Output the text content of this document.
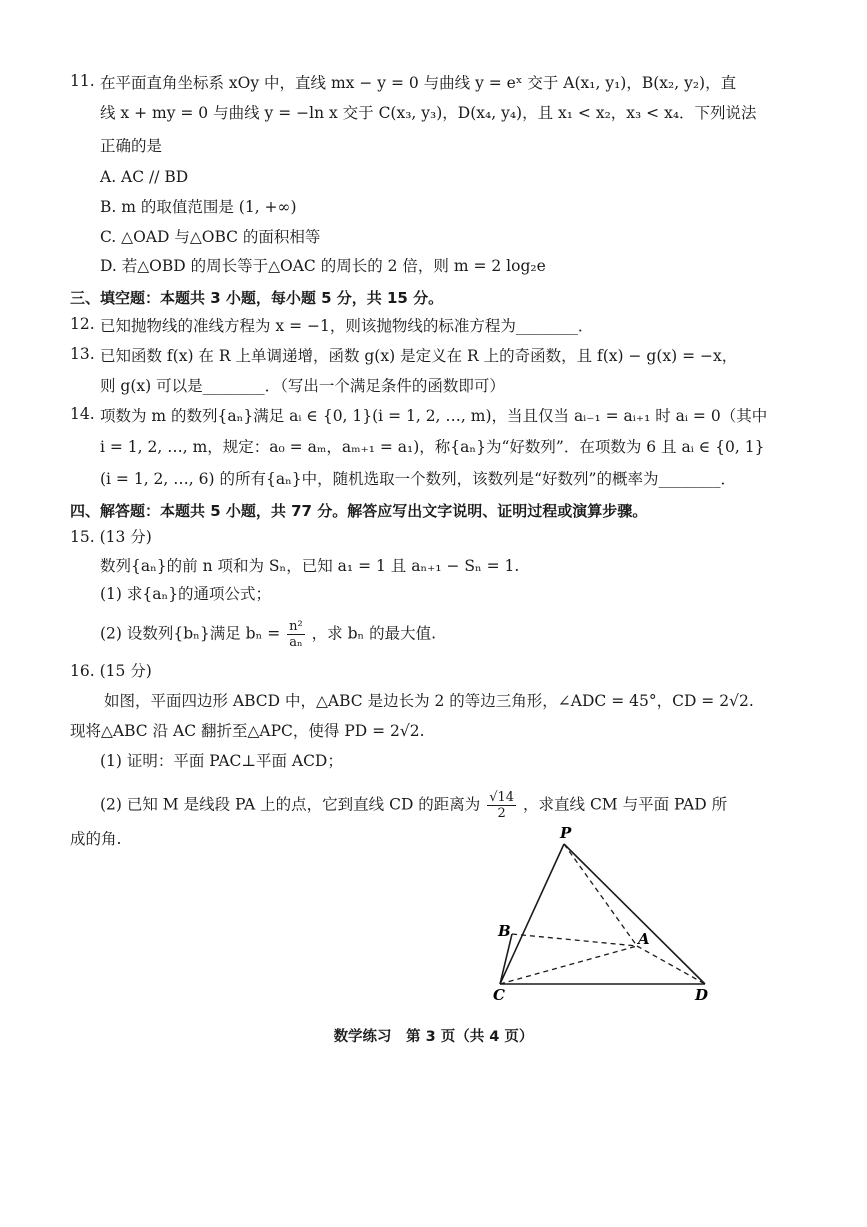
11. 在平面直角坐标系 xOy 中，直线 mx − y = 0 与曲线 y = eˣ 交于 A(x₁, y₁)，B(x₂, y₂)，直
线 x + my = 0 与曲线 y = −ln x 交于 C(x₃, y₃)，D(x₄, y₄)，且 x₁ < x₂，x₃ < x₄．下列说法
正确的是
A. AC // BD
B. m 的取值范围是 (1, +∞)
C. △OAD 与△OBC 的面积相等
D. 若△OBD 的周长等于△OAC 的周长的 2 倍，则 m = 2 log₂e
三、填空题：本题共 3 小题，每小题 5 分，共 15 分。
12. 已知抛物线的准线方程为 x = −1，则该抛物线的标准方程为________．
13. 已知函数 f(x) 在 R 上单调递增，函数 g(x) 是定义在 R 上的奇函数，且 f(x) − g(x) = −x，
则 g(x) 可以是________．（写出一个满足条件的函数即可）
14. 项数为 m 的数列{aₙ}满足 aᵢ ∈ {0, 1}(i = 1, 2, …, m)，当且仅当 aᵢ₋₁ = aᵢ₊₁ 时 aᵢ = 0（其中
i = 1, 2, …, m，规定：a₀ = aₘ，aₘ₊₁ = a₁)，称{aₙ}为“好数列”．在项数为 6 且 aᵢ ∈ {0, 1}
(i = 1, 2, …, 6) 的所有{aₙ}中，随机选取一个数列，该数列是“好数列”的概率为________．
四、解答题：本题共 5 小题，共 77 分。解答应写出文字说明、证明过程或演算步骤。
15. (13 分)
数列{aₙ}的前 n 项和为 Sₙ，已知 a₁ = 1 且 aₙ₊₁ − Sₙ = 1.
(1) 求{aₙ}的通项公式；
(2) 设数列{bₙ}满足 $b_n = \frac{\text{n²}}{\text{aₙ}}$ ，求 bₙ 的最大值.
16. (15 分)
如图，平面四边形 ABCD 中，△ABC 是边长为 2 的等边三角形，∠ADC = 45°，CD = 2√2.
现将△ABC 沿 AC 翻折至△APC，使得 PD = 2√2.
(1) 证明：平面 PAC⊥平面 ACD；
(2) 已知 M 是线段 PA 上的点，它到直线 CD 的距离为 $\frac{√14}{2}$ ，求直线 CM 与平面 PAD 所
成的角.	P
B	A
C	D
数学练习　第 3 页（共 4 页）
